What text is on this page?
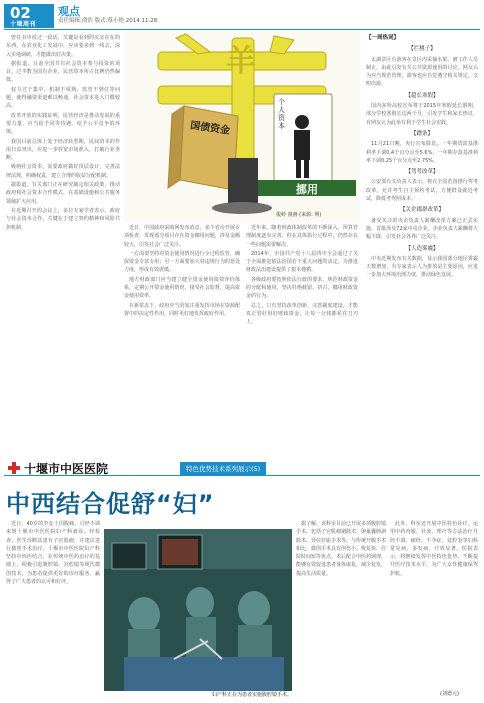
02
十堰周刊
观点
责任编辑:俞浩 版式:蔡小艳 2014.11.28

曾任书中说过一段话，关键是看到的实实在在的东西，在农业化工发展中，应该要多到一线去，深入实地调研，才能做出好决策。

据报道，目前全国共有社会资本参与投资的项目，过半数为国有企业，民营资本所占比例仍然偏低。

权力过于集中、机制不成熟、监管不到位等问题，使得融资渠道难以畅通，社会资本进入门槛较高。

改革开放的实践证明，民营经济是推动发展的重要力量，应当给予同等待遇，给予公平竞争的环境。

我国目前总体上处于经济转型期，民间资本的作用日益突出，应进一步放宽市场准入，打破行业垄断。

吸纳社会资本，需要政府做好顶层设计，完善法律法规，明确权责，建立合理的收益分配机制。

据报道，有关部门正在研究制定相关政策，推动政府和社会资本合作模式，在基础设施和公共服务领域扩大应用。

在近期召开的会议上，多位专家学者表示，政府与社会资本合作，关键在于建立契约精神和风险共担机制。

羊
国债资金
个人资本
挪用
俊岭 漫画 (来源: 网)

近日，中国政府采购网发布消息，多个省份开展专项检查，发现部分项目存在资金挪用问题，涉及金额较大，引发社会广泛关注。

一方面要坚持对资金使用情况进行全过程监管，确保资金专款专用；另一方面要加大对违规行为的惩处力度，形成有效震慑。

地方财政部门应当建立健全资金使用绩效评价体系，定期公开资金使用情况，接受社会监督，提高资金使用效率。

在新常态下，政府应当更加注重发挥市场在资源配置中的决定性作用，同时更好地发挥政府作用。

近年来，随着财政体制改革的不断深入，预算管理制度逐步完善，但在具体执行过程中，仍然存在一些问题需要解决。

2014年，中国共产党十八届四中全会通过了关于全面推进依法治国若干重大问题的决定，为推进财政法治建设提供了根本遵循。

各级政府要按照依法行政的要求，规范财政资金的分配和使用，坚决杜绝截留、挤占、挪用财政资金的行为。

总之，只有坚持改革创新，完善制度建设，才能真正管好用好财政资金，让每一分钱都花在刀刃上。

【一周热词】
【拦桃子】

太湖景区有游客在景区内采摘水果，被工作人员制止，由此引发有关公共资源使用的讨论。网友认为应当规范管理，游客也应自觉遵守相关规定，文明出游。

【超长寒假】

国内多所高校宣布将于2015年寒假延长假期，部分学校寒假长达两个月，引发学生和家长热议，有网友认为此举有利于学生社会实践。

【蹭条】

11月21日晚，央行宣布降息，一年期贷款基准利率下调0.4个百分点至5.6%，一年期存款基准利率下调0.25个百分点至2.75%。

【驾考改革】

公安部有关负责人表示，将在全国范围推行驾考改革，允许考生自主预约考试，方便群众就近考试，降低考驾照成本。

【关企郡群改革】

备受关注的央企负责人薪酬改革方案已正式实施，首批涉及72家中央企业，企业负责人薪酬将大幅下降，引发社会各界广泛关注。

【人造雾霾】

中央近期发布有关数据，显示我国部分地区雾霾天数增加，有专家表示人为排放是主要原因，应进一步加大环境治理力度，推动绿色发展。

十堰市中医医院	特色优势技术系列展示(5)
中西结合促舒“妇”

近日，40岁的李女士因腹痛、月经不调来到十堰市中医医院妇产科就诊。经检查，医生诊断其患有子宫肌瘤，并建议进行微创手术治疗。十堰市中医医院妇产科坚持中西医结合，在传统中医药治疗的基础上，积极引进腹腔镜、宫腔镜等现代微创技术，为患者提供更好的诊疗服务，赢得了广大患者的认可和好评。

妇产科正在为患者实施腹腔镜手术。

据了解，该科室目前已开展多项腹腔镜手术，包括子宫肌瘤剔除术、卵巢囊肿剥除术、异位妊娠手术等。与传统开腹手术相比，微创手术具有创伤小、恢复快、住院时间短等优点。术后配合中医药调理，能够有效促进患者身体康复，减少复发，提高生活质量。

此外，科室还开展中医特色诊疗，运用中药内服、针灸、理疗等方法治疗月经不调、痛经、不孕症、盆腔炎等妇科常见病、多发病，疗效显著。医院表示，将继续发挥中医特色优势，不断提升医疗技术水平，为广大女性健康保驾护航。

(刘德元)
